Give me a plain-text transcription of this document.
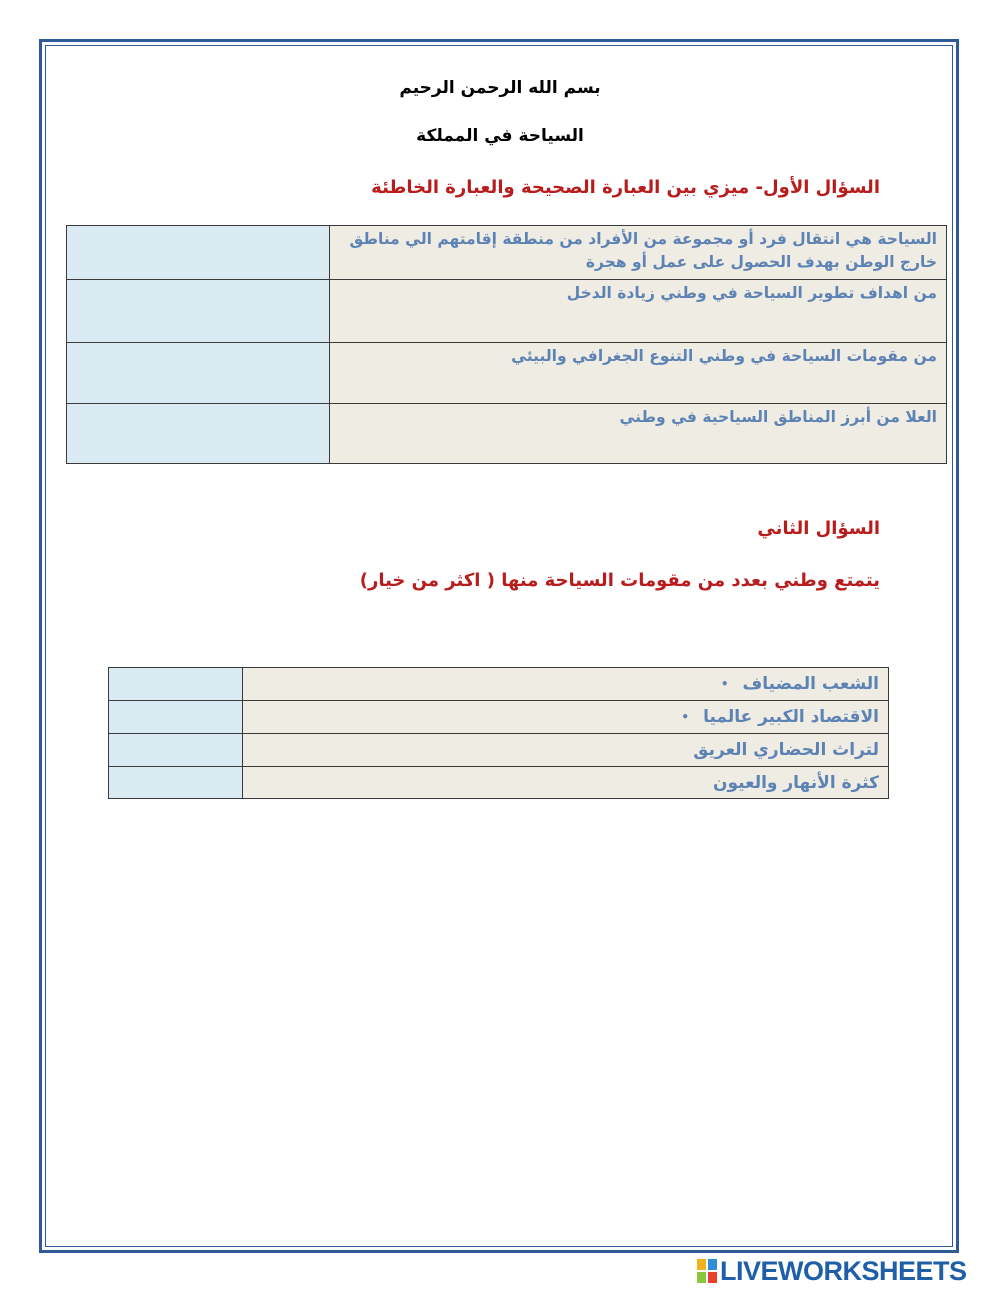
بسم الله الرحمن الرحيم
السياحة في المملكة
السؤال الأول- ميزي بين العبارة الصحيحة والعبارة الخاطئة
	السياحة هي انتقال فرد أو مجموعة من الأفراد من منطقة إقامتهم الي مناطق خارج الوطن بهدف الحصول على عمل أو هجرة
	من اهداف تطوير السياحة في وطني زيادة الدخل
	من مقومات السياحة في وطني التنوع الجغرافي والبيئي
	العلا من أبرز المناطق السياحية في وطني
السؤال الثاني
يتمتع وطني بعدد من مقومات السياحة منها ( اكثر من خيار)
	الشعب المضياف•
	الاقتصاد الكبير عالميا•
	لتراث الحضاري العريق
	كثرة الأنهار والعيون
LIVEWORKSHEETS
